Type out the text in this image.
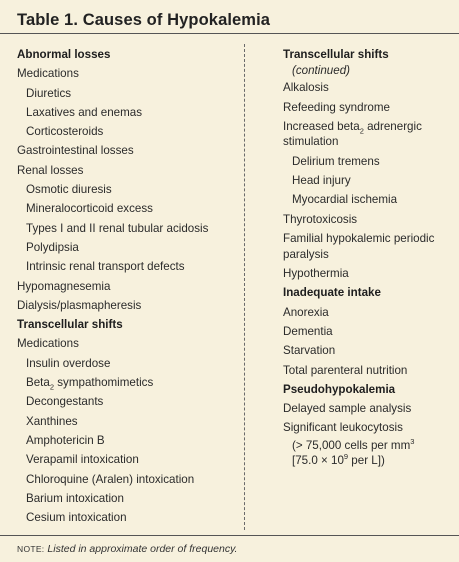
Table 1. Causes of Hypokalemia
Abnormal losses
Medications
Diuretics
Laxatives and enemas
Corticosteroids
Gastrointestinal losses
Renal losses
Osmotic diuresis
Mineralocorticoid excess
Types I and II renal tubular acidosis
Polydipsia
Intrinsic renal transport defects
Hypomagnesemia
Dialysis/plasmapheresis
Transcellular shifts
Medications
Insulin overdose
Beta$_2$ sympathomimetics
Decongestants
Xanthines
Amphotericin B
Verapamil intoxication
Chloroquine (Aralen) intoxication
Barium intoxication
Cesium intoxication
Transcellular shifts
(continued)
Alkalosis
Refeeding syndrome
Increased beta$_2$ adrenergic stimulation
Delirium tremens
Head injury
Myocardial ischemia
Thyrotoxicosis
Familial hypokalemic periodic paralysis
Hypothermia
Inadequate intake
Anorexia
Dementia
Starvation
Total parenteral nutrition
Pseudohypokalemia
Delayed sample analysis
Significant leukocytosis
(> 75,000 cells per $mm^3$
[$75.0 \times 10^9$ per L])
NOTE: Listed in approximate order of frequency.
